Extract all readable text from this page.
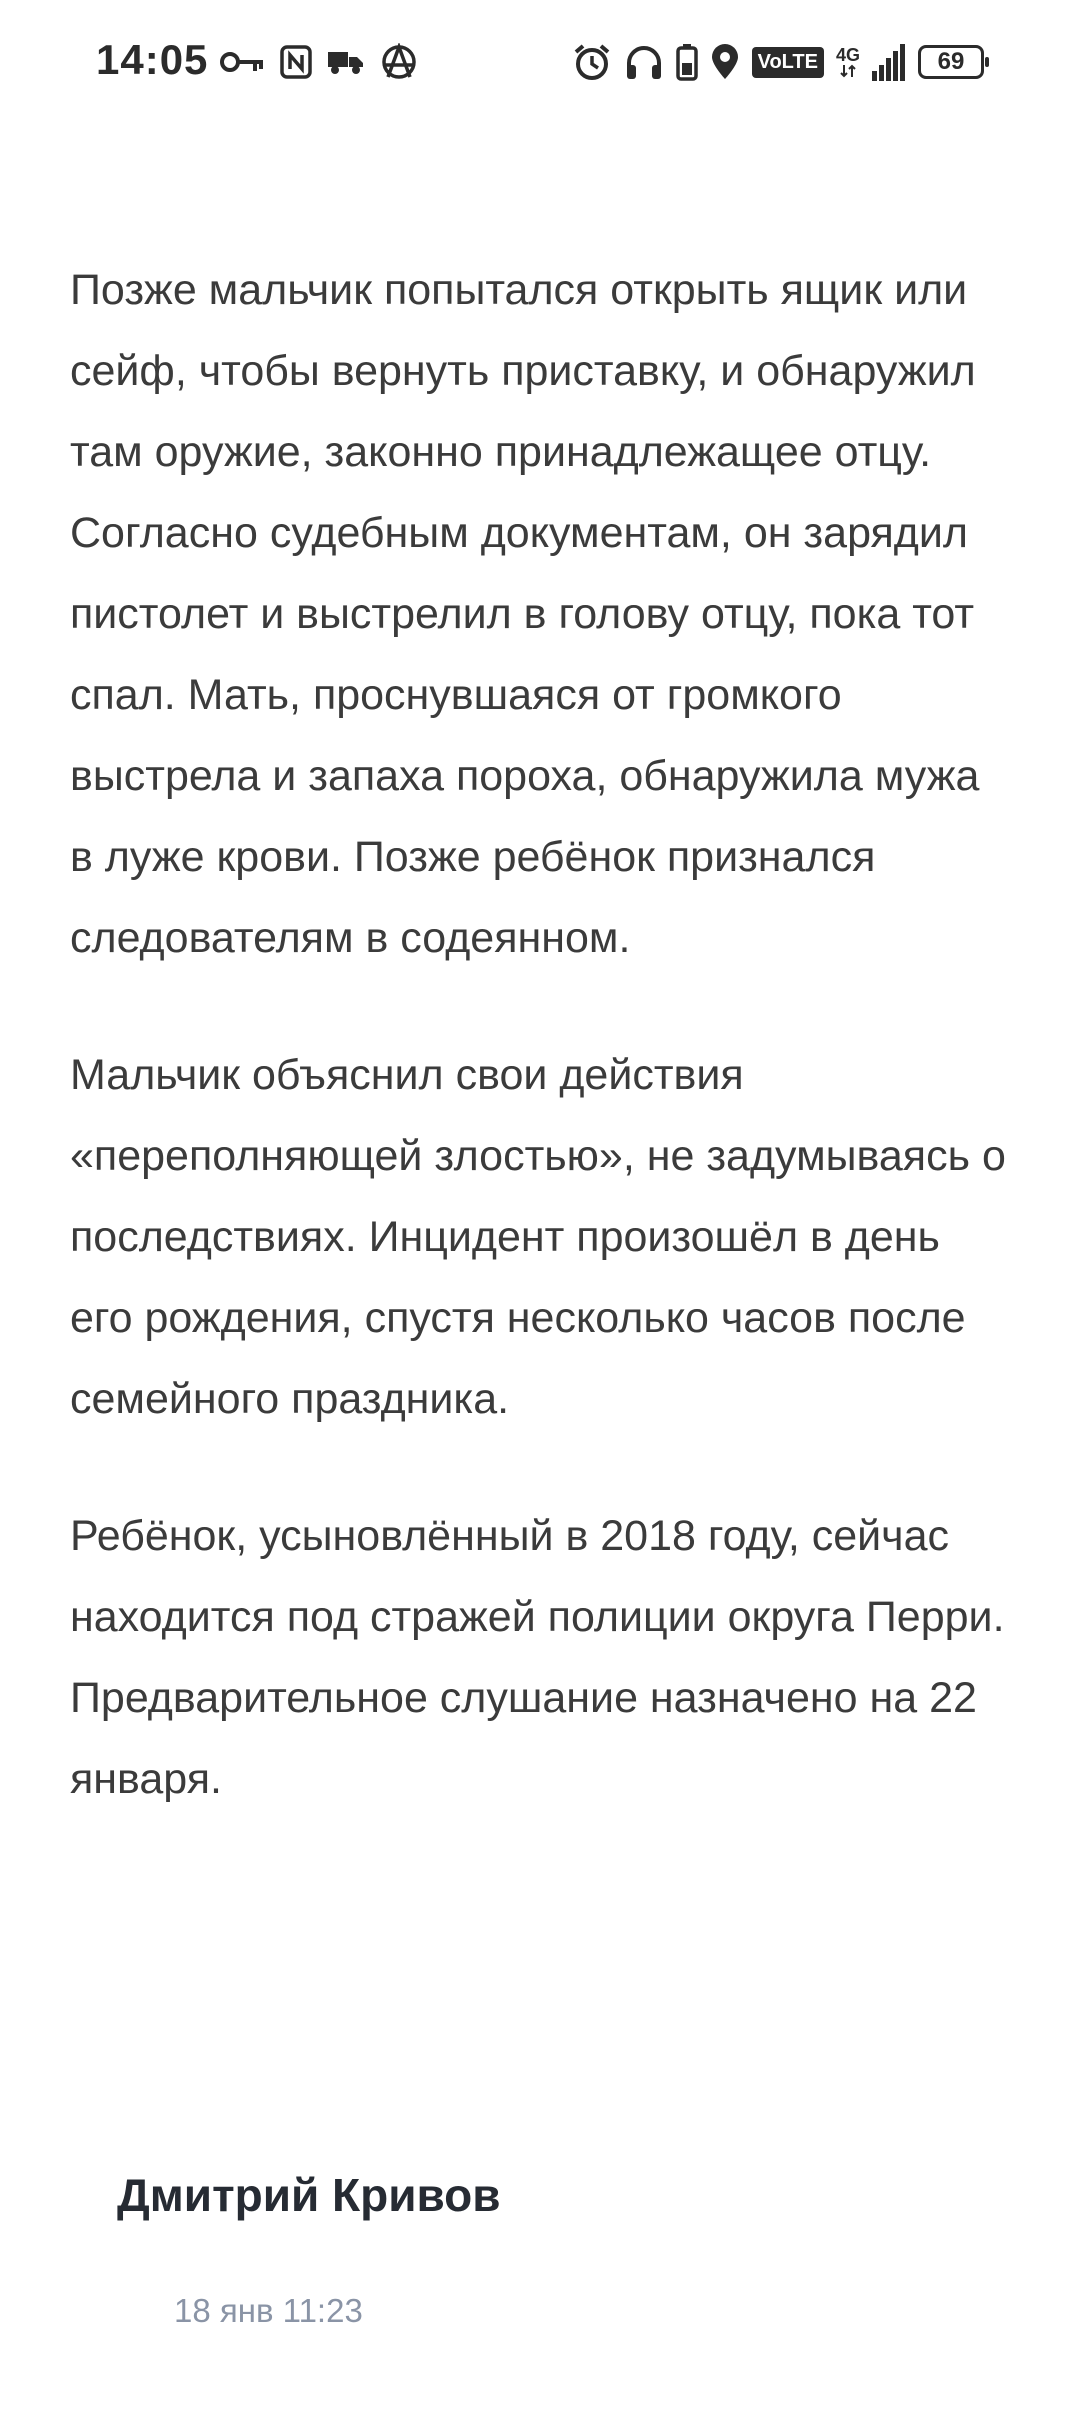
14:05	VoLTE	4G	69

Позже мальчик попытался открыть ящик или сейф, чтобы вернуть приставку, и обнаружил там оружие, законно принадлежащее отцу. Согласно судебным документам, он зарядил пистолет и выстрелил в голову отцу, пока тот спал. Мать, проснувшаяся от громкого выстрела и запаха пороха, обнаружила мужа в луже крови. Позже ребёнок признался следователям в содеянном.

Мальчик объяснил свои действия «переполняющей злостью», не задумываясь о последствиях. Инцидент произошёл в день его рождения, спустя несколько часов после семейного праздника.

Ребёнок, усыновлённый в 2018 году, сейчас находится под стражей полиции округа Перри. Предварительное слушание назначено на 22 января.

Дмитрий Кривов
18 янв 11:23
